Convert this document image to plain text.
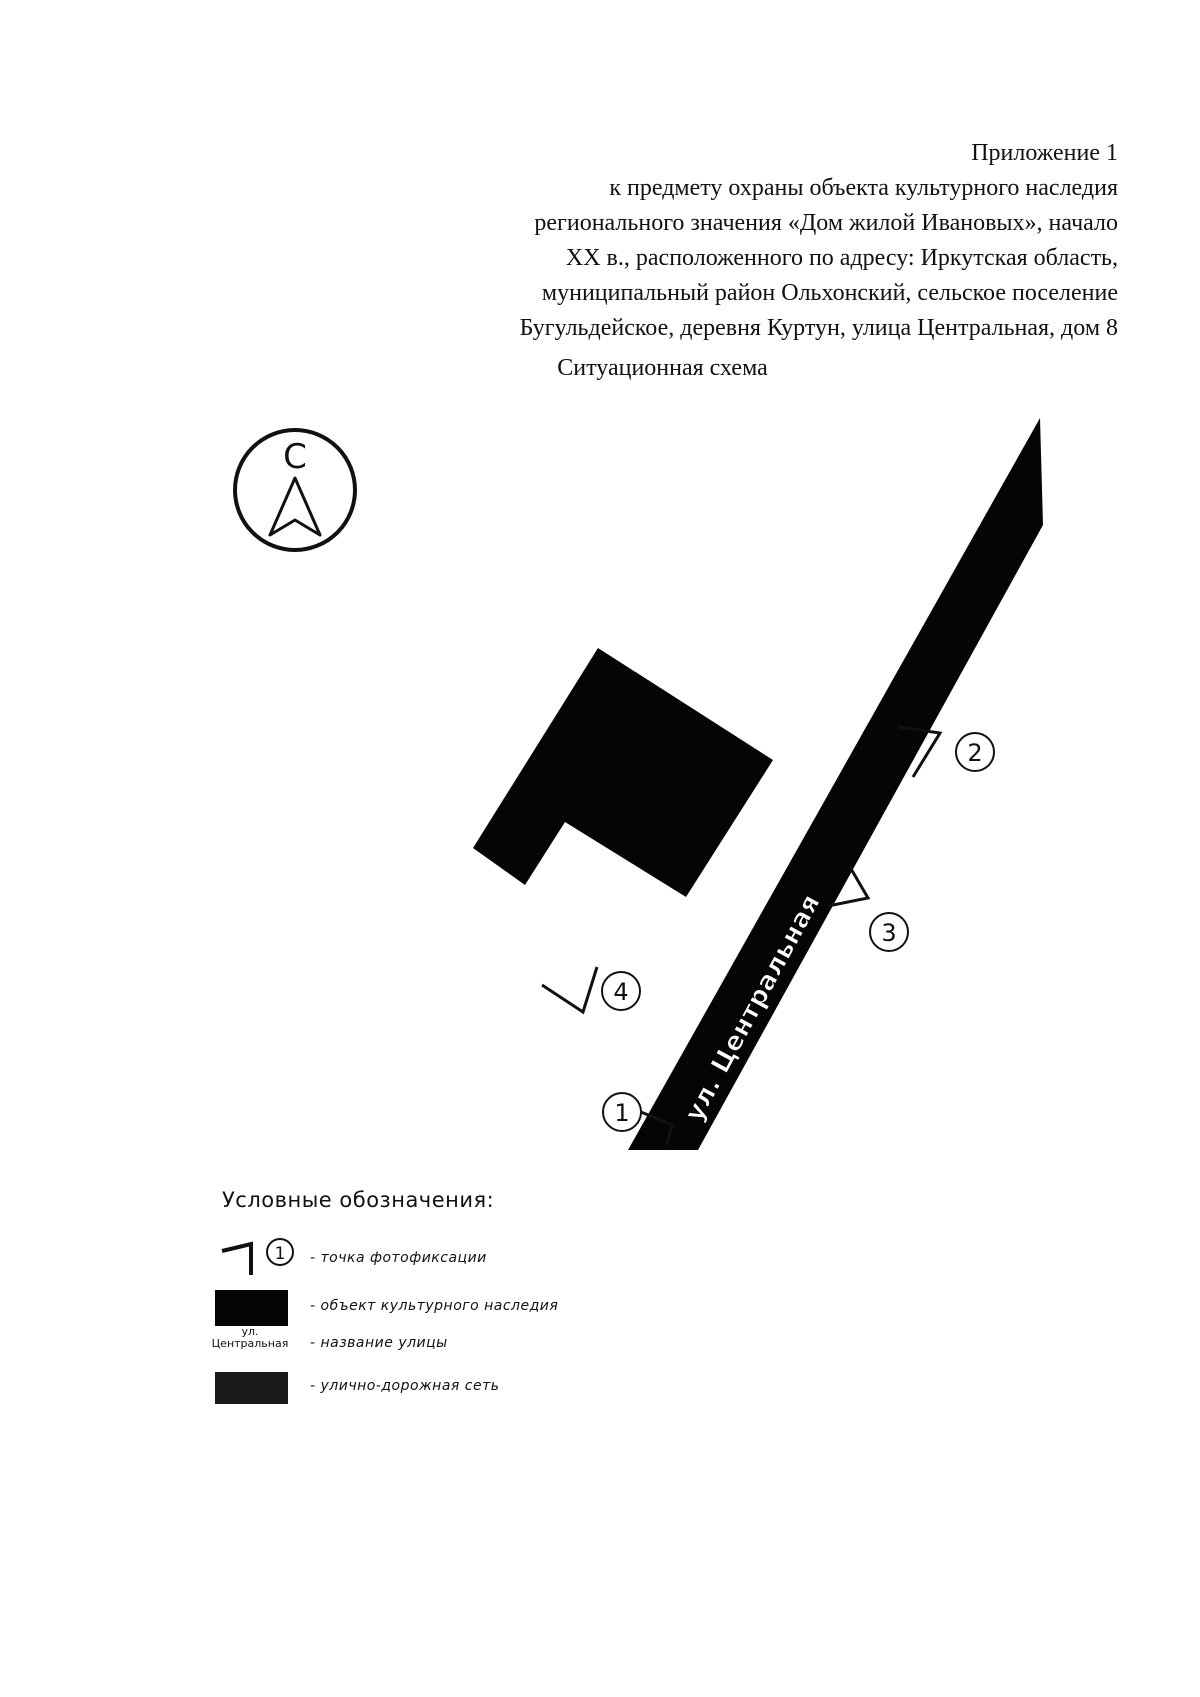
Приложение 1
к предмету охраны объекта культурного наследия
регионального значения «Дом жилой Ивановых», начало
XX в., расположенного по адресу: Иркутская область,
муниципальный район Ольхонский, сельское поселение
Бугульдейское, деревня Куртун, улица Центральная, дом 8
Ситуационная схема
С
ул. Центральная
2
3
4
1
1
Условные обозначения:
- точка фотофиксации
- объект культурного наследия
ул.
Центральная	- название улицы
- улично-дорожная сеть
